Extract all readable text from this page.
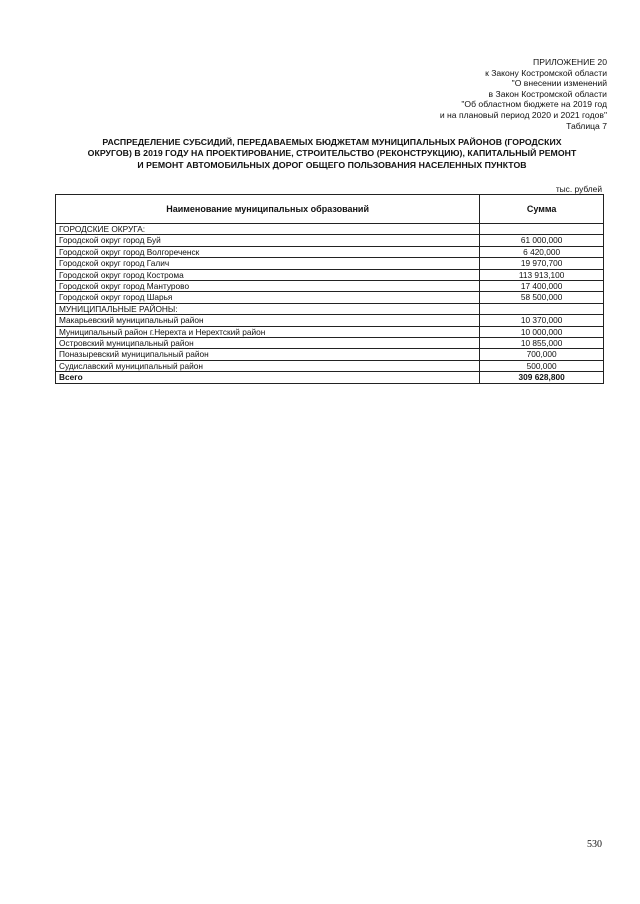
ПРИЛОЖЕНИЕ 20
к Закону Костромской области
"О внесении изменений
в Закон Костромской области
"Об областном бюджете на 2019 год
и на плановый период 2020 и 2021 годов"
Таблица 7
РАСПРЕДЕЛЕНИЕ СУБСИДИЙ, ПЕРЕДАВАЕМЫХ БЮДЖЕТАМ МУНИЦИПАЛЬНЫХ РАЙОНОВ (ГОРОДСКИХ
ОКРУГОВ) В 2019 ГОДУ НА ПРОЕКТИРОВАНИЕ, СТРОИТЕЛЬСТВО (РЕКОНСТРУКЦИЮ), КАПИТАЛЬНЫЙ РЕМОНТ
И РЕМОНТ АВТОМОБИЛЬНЫХ ДОРОГ ОБЩЕГО ПОЛЬЗОВАНИЯ НАСЕЛЕННЫХ ПУНКТОВ
тыс. рублей
Наименование муниципальных образований	Сумма
ГОРОДСКИЕ ОКРУГА:	
Городской округ город Буй	61 000,000
Городской округ город Волгореченск	6 420,000
Городской округ город Галич	19 970,700
Городской округ город Кострома	113 913,100
Городской округ город Мантурово	17 400,000
Городской округ город Шарья	58 500,000
МУНИЦИПАЛЬНЫЕ РАЙОНЫ:	
Макарьевский муниципальный район	10 370,000
Муниципальный район г.Нерехта и Нерехтский район	10 000,000
Островский муниципальный район	10 855,000
Поназыревский муниципальный район	700,000
Судиславский муниципальный район	500,000
Всего	309 628,800
530
